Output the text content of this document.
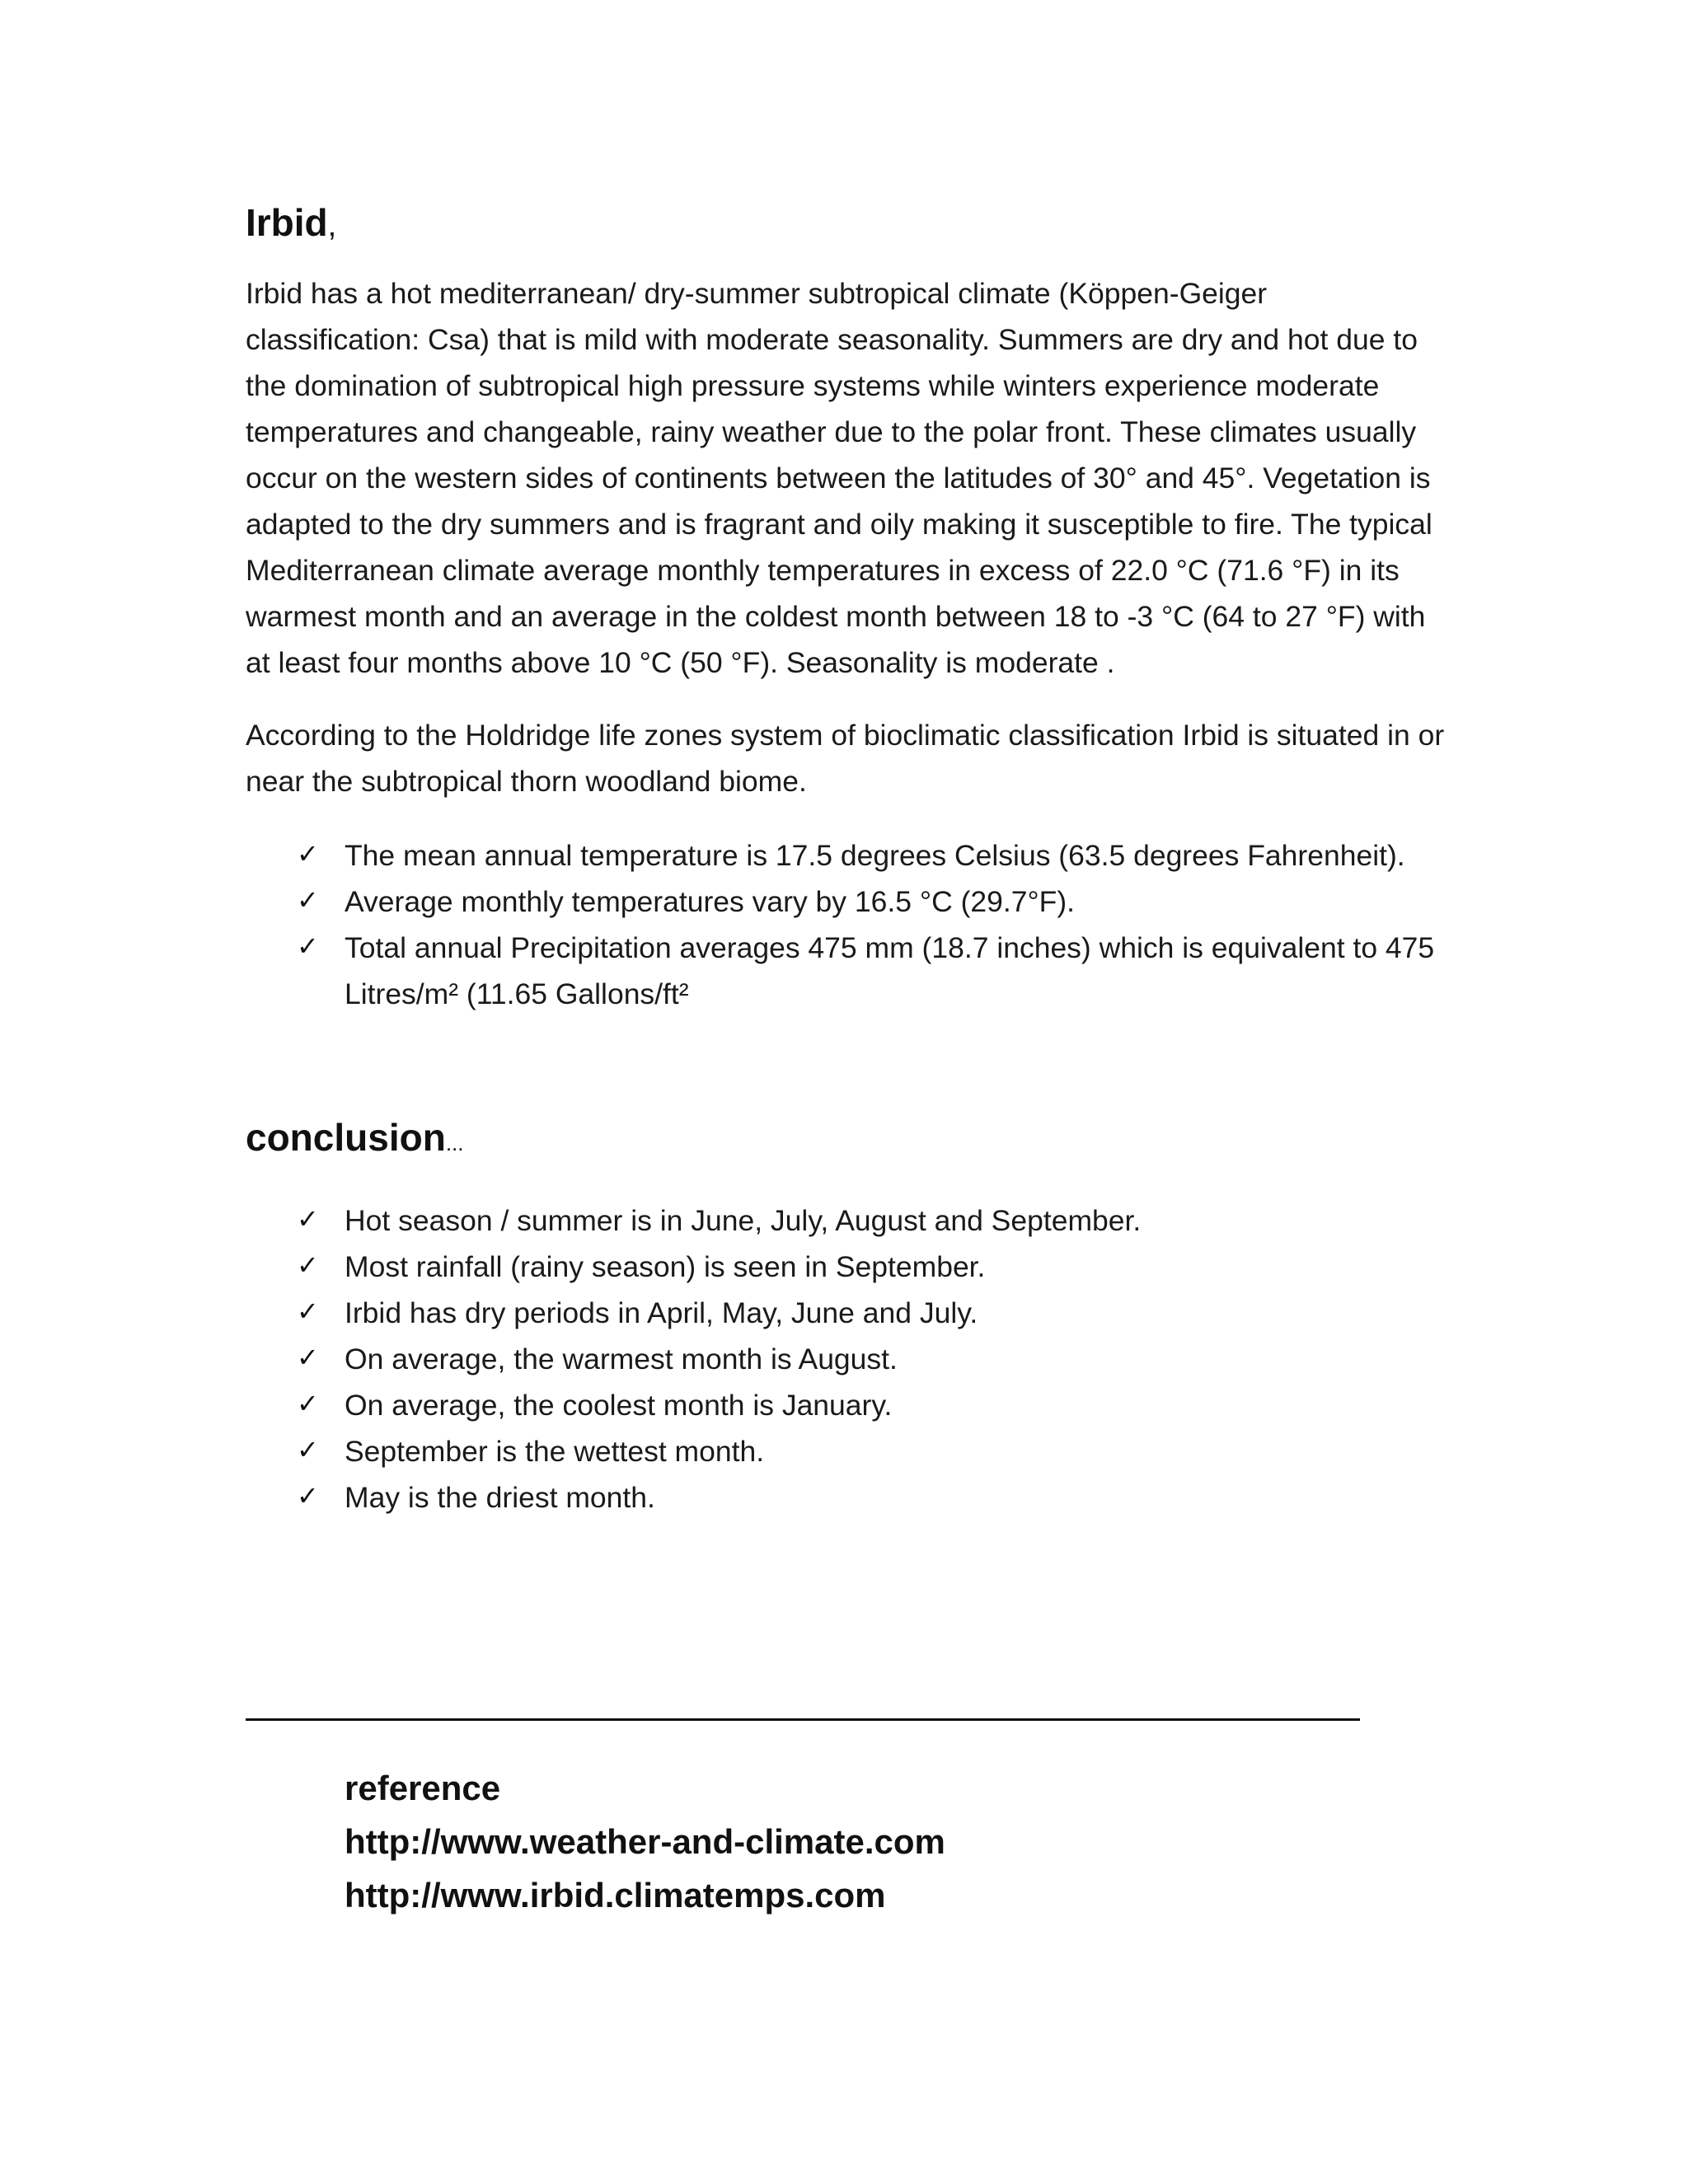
Irbid,

Irbid has a hot mediterranean/ dry-summer subtropical climate (Köppen-Geiger classification: Csa) that is mild with moderate seasonality. Summers are dry and hot due to the domination of subtropical high pressure systems while winters experience moderate temperatures and changeable, rainy weather due to the polar front. These climates usually occur on the western sides of continents between the latitudes of 30° and 45°. Vegetation is adapted to the dry summers and is fragrant and oily making it susceptible to fire. The typical Mediterranean climate average monthly temperatures in excess of 22.0 °C (71.6 °F) in its warmest month and an average in the coldest month between 18 to -3 °C (64 to 27 °F) with at least four months above 10 °C (50 °F). Seasonality is moderate .

According to the Holdridge life zones system of bioclimatic classification Irbid is situated in or near the subtropical thorn woodland biome.

✓ The mean annual temperature is 17.5 degrees Celsius (63.5 degrees Fahrenheit).
✓ Average monthly temperatures vary by 16.5 °C (29.7°F).
✓ Total annual Precipitation averages 475 mm (18.7 inches) which is equivalent to 475 Litres/m² (11.65 Gallons/ft²
conclusion...
✓ Hot season / summer is in June, July, August and September.
✓ Most rainfall (rainy season) is seen in September.
✓ Irbid has dry periods in April, May, June and July.
✓ On average, the warmest month is August.
✓ On average, the coolest month is January.
✓ September is the wettest month.
✓ May is the driest month.
reference
http://www.weather-and-climate.com
http://www.irbid.climatemps.com
